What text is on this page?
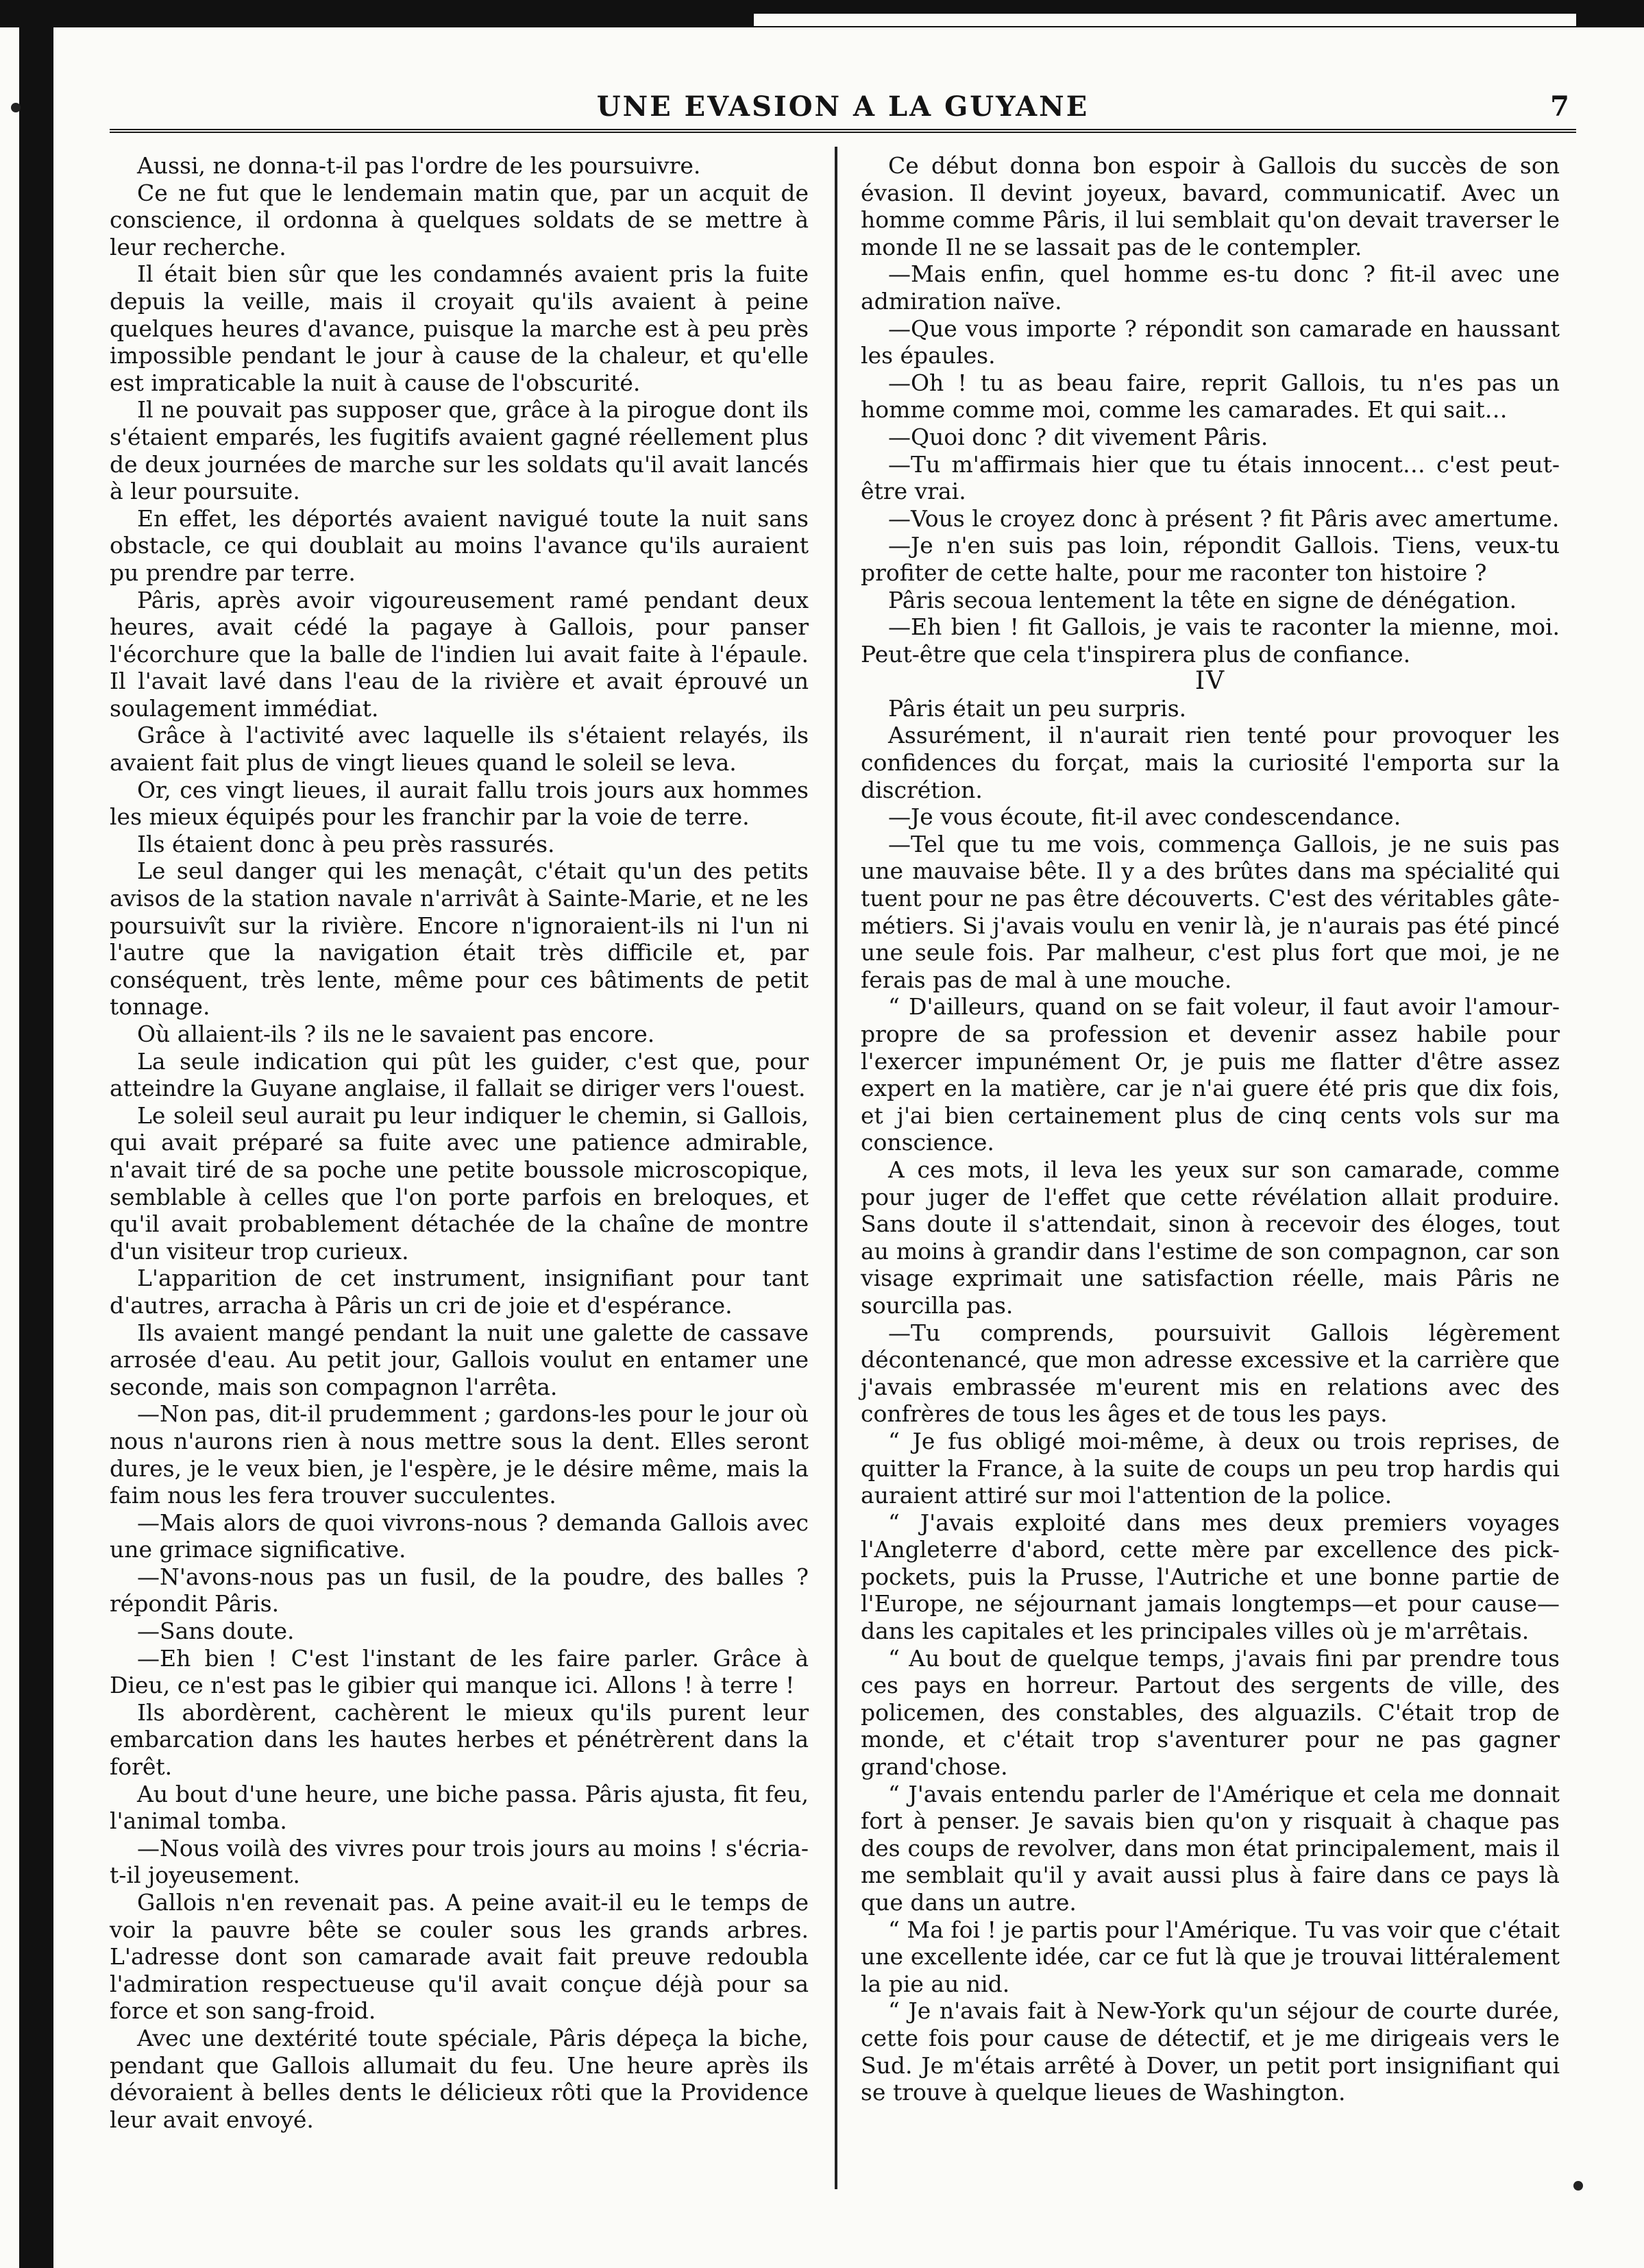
UNE EVASION A LA GUYANE	7

Aussi, ne donna-t-il pas l'ordre de les poursuivre.

Ce ne fut que le lendemain matin que, par un acquit de conscience, il ordonna à quelques soldats de se mettre à leur recherche.

Il était bien sûr que les condamnés avaient pris la fuite depuis la veille, mais il croyait qu'ils avaient à peine quelques heures d'avance, puisque la marche est à peu près impossible pendant le jour à cause de la chaleur, et qu'elle est impraticable la nuit à cause de l'obscurité.

Il ne pouvait pas supposer que, grâce à la pirogue dont ils s'étaient emparés, les fugitifs avaient gagné réellement plus de deux journées de marche sur les soldats qu'il avait lancés à leur poursuite.

En effet, les déportés avaient navigué toute la nuit sans obstacle, ce qui doublait au moins l'avance qu'ils auraient pu prendre par terre.

Pâris, après avoir vigoureusement ramé pendant deux heures, avait cédé la pagaye à Gallois, pour panser l'écorchure que la balle de l'indien lui avait faite à l'épaule. Il l'avait lavé dans l'eau de la rivière et avait éprouvé un soulagement immédiat.

Grâce à l'activité avec laquelle ils s'étaient relayés, ils avaient fait plus de vingt lieues quand le soleil se leva.

Or, ces vingt lieues, il aurait fallu trois jours aux hommes les mieux équipés pour les franchir par la voie de terre.

Ils étaient donc à peu près rassurés.

Le seul danger qui les menaçât, c'était qu'un des petits avisos de la station navale n'arrivât à Sainte-Marie, et ne les poursuivît sur la rivière. Encore n'ignoraient-ils ni l'un ni l'autre que la navigation était très difficile et, par conséquent, très lente, même pour ces bâtiments de petit tonnage.

Où allaient-ils ? ils ne le savaient pas encore.

La seule indication qui pût les guider, c'est que, pour atteindre la Guyane anglaise, il fallait se diriger vers l'ouest.

Le soleil seul aurait pu leur indiquer le chemin, si Gallois, qui avait préparé sa fuite avec une patience admirable, n'avait tiré de sa poche une petite boussole microscopique, semblable à celles que l'on porte parfois en breloques, et qu'il avait probablement détachée de la chaîne de montre d'un visiteur trop curieux.

L'apparition de cet instrument, insignifiant pour tant d'autres, arracha à Pâris un cri de joie et d'espérance.

Ils avaient mangé pendant la nuit une galette de cassave arrosée d'eau. Au petit jour, Gallois voulut en entamer une seconde, mais son compagnon l'arrêta.

—Non pas, dit-il prudemment ; gardons-les pour le jour où nous n'aurons rien à nous mettre sous la dent. Elles seront dures, je le veux bien, je l'espère, je le désire même, mais la faim nous les fera trouver succulentes.

—Mais alors de quoi vivrons-nous ? demanda Gallois avec une grimace significative.

—N'avons-nous pas un fusil, de la poudre, des balles ? répondit Pâris.

—Sans doute.

—Eh bien ! C'est l'instant de les faire parler. Grâce à Dieu, ce n'est pas le gibier qui manque ici. Allons ! à terre !

Ils abordèrent, cachèrent le mieux qu'ils purent leur embarcation dans les hautes herbes et pénétrèrent dans la forêt.

Au bout d'une heure, une biche passa. Pâris ajusta, fit feu, l'animal tomba.

—Nous voilà des vivres pour trois jours au moins ! s'écria-t-il joyeusement.

Gallois n'en revenait pas. A peine avait-il eu le temps de voir la pauvre bête se couler sous les grands arbres. L'adresse dont son camarade avait fait preuve redoubla l'admiration respectueuse qu'il avait conçue déjà pour sa force et son sang-froid.

Avec une dextérité toute spéciale, Pâris dépeça la biche, pendant que Gallois allumait du feu. Une heure après ils dévoraient à belles dents le délicieux rôti que la Providence leur avait envoyé.

Ce début donna bon espoir à Gallois du succès de son évasion. Il devint joyeux, bavard, communicatif. Avec un homme comme Pâris, il lui semblait qu'on devait traverser le monde Il ne se lassait pas de le contempler.

—Mais enfin, quel homme es-tu donc ? fit-il avec une admiration naïve.

—Que vous importe ? répondit son camarade en haussant les épaules.

—Oh ! tu as beau faire, reprit Gallois, tu n'es pas un homme comme moi, comme les camarades. Et qui sait…

—Quoi donc ? dit vivement Pâris.

—Tu m'affirmais hier que tu étais innocent… c'est peut-être vrai.

—Vous le croyez donc à présent ? fit Pâris avec amertume.

—Je n'en suis pas loin, répondit Gallois. Tiens, veux-tu profiter de cette halte, pour me raconter ton histoire ?

Pâris secoua lentement la tête en signe de dénégation.

—Eh bien ! fit Gallois, je vais te raconter la mienne, moi. Peut-être que cela t'inspirera plus de confiance.

IV

Pâris était un peu surpris.

Assurément, il n'aurait rien tenté pour provoquer les confidences du forçat, mais la curiosité l'emporta sur la discrétion.

—Je vous écoute, fit-il avec condescendance.

—Tel que tu me vois, commença Gallois, je ne suis pas une mauvaise bête. Il y a des brûtes dans ma spécialité qui tuent pour ne pas être découverts. C'est des véritables gâte-métiers. Si j'avais voulu en venir là, je n'aurais pas été pincé une seule fois. Par malheur, c'est plus fort que moi, je ne ferais pas de mal à une mouche.

“ D'ailleurs, quand on se fait voleur, il faut avoir l'amour-propre de sa profession et devenir assez habile pour l'exercer impunément Or, je puis me flatter d'être assez expert en la matière, car je n'ai guere été pris que dix fois, et j'ai bien certainement plus de cinq cents vols sur ma conscience.

A ces mots, il leva les yeux sur son camarade, comme pour juger de l'effet que cette révélation allait produire. Sans doute il s'attendait, sinon à recevoir des éloges, tout au moins à grandir dans l'estime de son compagnon, car son visage exprimait une satisfaction réelle, mais Pâris ne sourcilla pas.

—Tu comprends, poursuivit Gallois légèrement décontenancé, que mon adresse excessive et la carrière que j'avais embrassée m'eurent mis en relations avec des confrères de tous les âges et de tous les pays.

“ Je fus obligé moi-même, à deux ou trois reprises, de quitter la France, à la suite de coups un peu trop hardis qui auraient attiré sur moi l'attention de la police.

“ J'avais exploité dans mes deux premiers voyages l'Angleterre d'abord, cette mère par excellence des pick-pockets, puis la Prusse, l'Autriche et une bonne partie de l'Europe, ne séjournant jamais longtemps—et pour cause—dans les capitales et les principales villes où je m'arrêtais.

“ Au bout de quelque temps, j'avais fini par prendre tous ces pays en horreur. Partout des sergents de ville, des policemen, des constables, des alguazils. C'était trop de monde, et c'était trop s'aventurer pour ne pas gagner grand'chose.

“ J'avais entendu parler de l'Amérique et cela me donnait fort à penser. Je savais bien qu'on y risquait à chaque pas des coups de revolver, dans mon état principalement, mais il me semblait qu'il y avait aussi plus à faire dans ce pays là que dans un autre.

“ Ma foi ! je partis pour l'Amérique. Tu vas voir que c'était une excellente idée, car ce fut là que je trouvai littéralement la pie au nid.

“ Je n'avais fait à New-York qu'un séjour de courte durée, cette fois pour cause de détectif, et je me dirigeais vers le Sud. Je m'étais arrêté à Dover, un petit port insignifiant qui se trouve à quelque lieues de Washington.
